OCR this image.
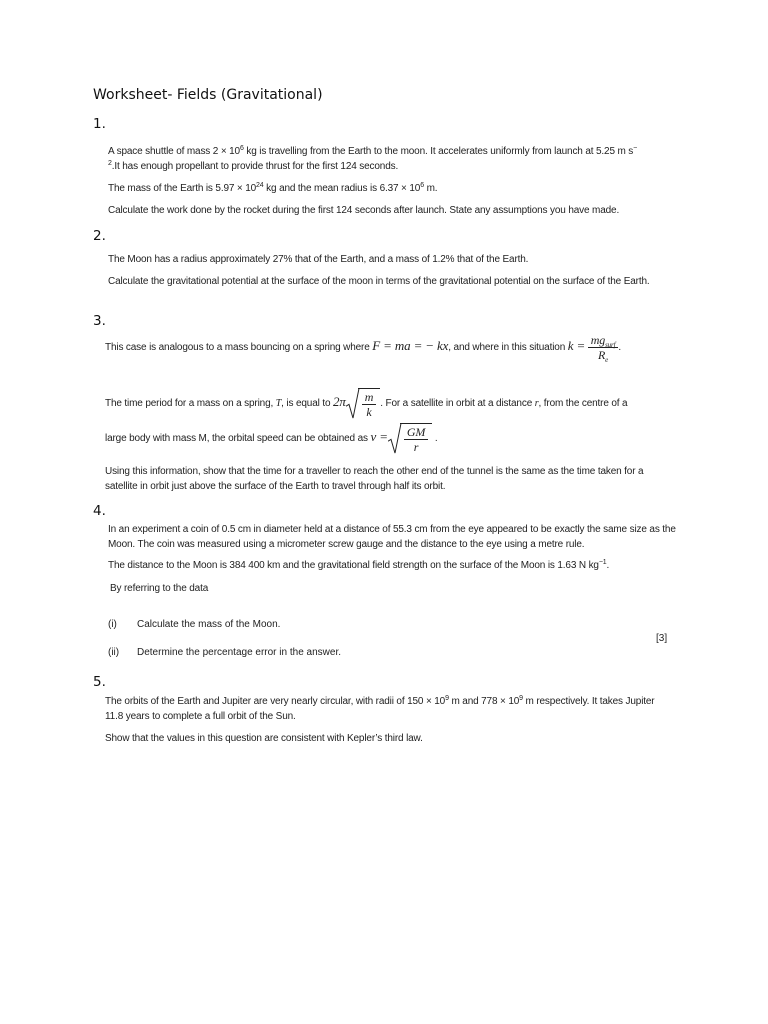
Worksheet- Fields (Gravitational)
1.
A space shuttle of mass $2 \times 10^6$ kg is travelling from the Earth to the moon. It accelerates uniformly from launch at 5.25 m s−
$^2$.It has enough propellant to provide thrust for the first 124 seconds.
The mass of the Earth is $5.97 \times 10^{24}$ kg and the mean radius is $6.37 \times 10^6$ m.
Calculate the work done by the rocket during the first 124 seconds after launch. State any assumptions you have made.
2.
The Moon has a radius approximately 27% that of the Earth, and a mass of 1.2% that of the Earth.
Calculate the gravitational potential at the surface of the moon in terms of the gravitational potential on the surface of the Earth.
3.
This case is analogous to a mass bouncing on a spring where F = ma = − kx, and where in this situation $k = \frac{mg_{surf}}{R_e}$ .
The time period for a mass on a spring, T, is equal to $2\pi \frac{m}{k}$ . For a satellite in orbit at a distance r, from the centre of a
large body with mass M, the orbital speed can be obtained as $v = \frac{GM}{r}$ .
Using this information, show that the time for a traveller to reach the other end of the tunnel is the same as the time taken for a satellite in orbit just above the surface of the Earth to travel through half its orbit.
4.
In an experiment a coin of 0.5 cm in diameter held at a distance of 55.3 cm from the eye appeared to be exactly the same size as the Moon. The coin was measured using a micrometer screw gauge and the distance to the eye using a metre rule.
The distance to the Moon is 384 400 km and the gravitational field strength on the surface of the Moon is 1.63 N $kg^{-1}$.
By referring to the data
(i) Calculate the mass of the Moon.
[3]
(ii) Determine the percentage error in the answer.
5.
The orbits of the Earth and Jupiter are very nearly circular, with radii of $150 \times 10^9$ m and $778 \times 10^9$ m respectively. It takes Jupiter 11.8 years to complete a full orbit of the Sun.
Show that the values in this question are consistent with Kepler’s third law.
